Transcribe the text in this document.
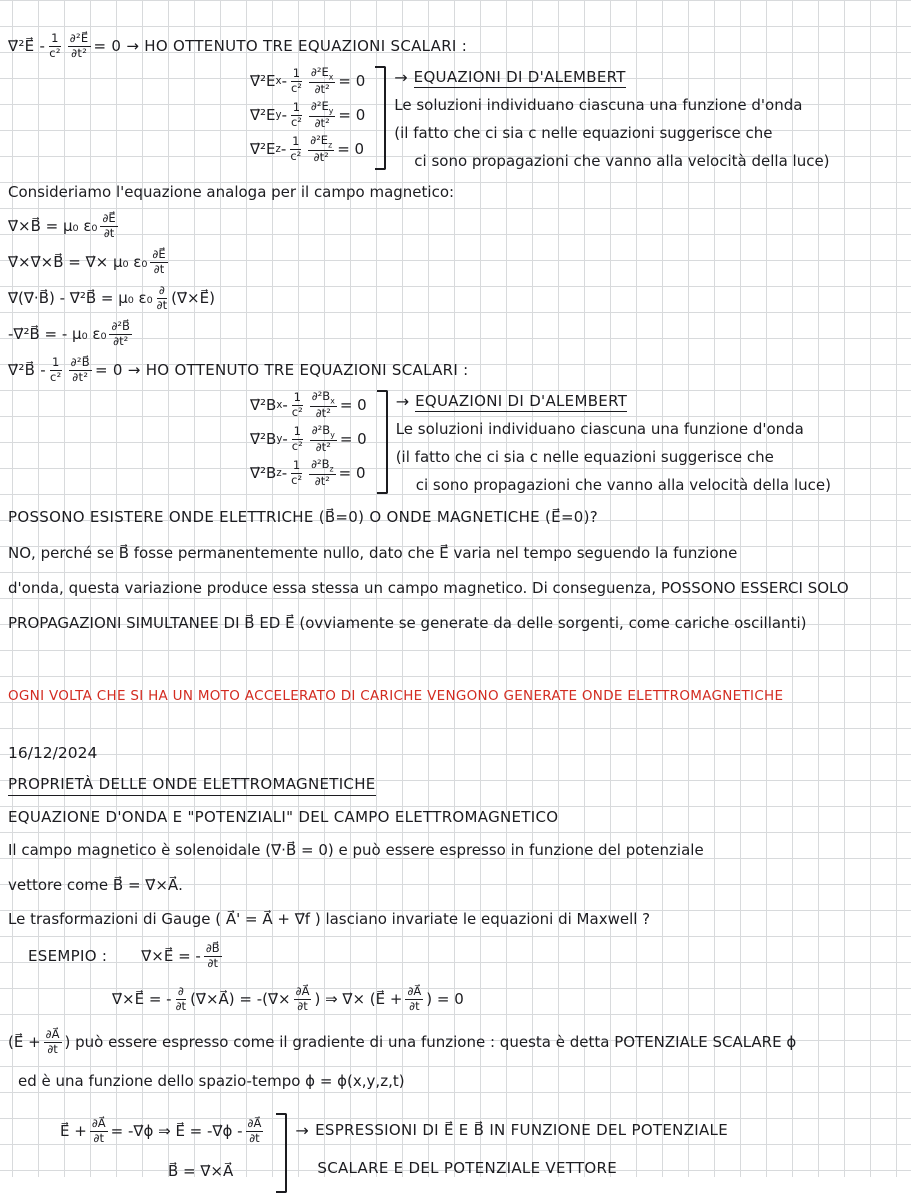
∇⃗²E⃗ - $\frac{1}{\text{c²}} \frac{\text{∂²E⃗}}{\text{∂t²}} = 0$ → HO OTTENUTO TRE EQUAZIONI SCALARI :
∇⃗²E $x - \frac{1}{\text{c²}} \frac{\partial^2E_x}{\text{∂t²}} = 0$
∇⃗²E $y - \frac{1}{\text{c²}} \frac{\partial^2E_y}{\text{∂t²}} = 0$
∇⃗²E $z - \frac{1}{\text{c²}} \frac{\partial^2E_z}{\text{∂t²}} = 0$
→ EQUAZIONI DI D'ALEMBERT
Le soluzioni individuano ciascuna una funzione d'onda
(il fatto che ci sia c nelle equazioni suggerisce che
ci sono propagazioni che vanno alla velocità della luce)
Consideriamo l'equazione analoga per il campo magnetico:
∇⃗×B⃗ = μ₀ $\varepsilon_0 \frac{\partial E⃗}{\partial t}$
∇⃗×∇⃗×B⃗ = ∇⃗× μ₀ $\varepsilon_0 \frac{\partial E⃗}{\partial t}$
∇⃗(∇⃗·B⃗) - ∇⃗²B⃗ = μ₀ $\varepsilon_0 \frac{\partial}{\partial t}$ (∇⃗×E⃗)
-∇⃗²B⃗ = - μ₀ $\varepsilon_0 \frac{\text{∂²B⃗}}{\text{∂t²}}$
∇⃗²B⃗ - $\frac{1}{\text{c²}} \frac{\text{∂²B⃗}}{\text{∂t²}} = 0$ → HO OTTENUTO TRE EQUAZIONI SCALARI :
∇⃗²B $x - \frac{1}{\text{c²}} \frac{\partial^2B_x}{\text{∂t²}} = 0$
∇⃗²B $y - \frac{1}{\text{c²}} \frac{\partial^2B_y}{\text{∂t²}} = 0$
∇⃗²B $z - \frac{1}{\text{c²}} \frac{\partial^2B_z}{\text{∂t²}} = 0$
→ EQUAZIONI DI D'ALEMBERT
Le soluzioni individuano ciascuna una funzione d'onda
(il fatto che ci sia c nelle equazioni suggerisce che
ci sono propagazioni che vanno alla velocità della luce)
POSSONO ESISTERE ONDE ELETTRICHE (B⃗=0) O ONDE MAGNETICHE (E⃗=0)?
NO, perché se B⃗ fosse permanentemente nullo, dato che E⃗ varia nel tempo seguendo la funzione
d'onda, questa variazione produce essa stessa un campo magnetico. Di conseguenza, POSSONO ESSERCI SOLO
PROPAGAZIONI SIMULTANEE DI B⃗ ED E⃗ (ovviamente se generate da delle sorgenti, come cariche oscillanti)
OGNI VOLTA CHE SI HA UN MOTO ACCELERATO DI CARICHE VENGONO GENERATE ONDE ELETTROMAGNETICHE
16/12/2024
PROPRIETÀ DELLE ONDE ELETTROMAGNETICHE
EQUAZIONE D'ONDA E "POTENZIALI" DEL CAMPO ELETTROMAGNETICO
Il campo magnetico è solenoidale (∇⃗·B⃗ = 0) e può essere espresso in funzione del potenziale
vettore come B⃗ = ∇⃗×A⃗.
Le trasformazioni di Gauge ( A⃗' = A⃗ + ∇⃗f ) lasciano invariate le equazioni di Maxwell ?
ESEMPIO : ∇⃗×E⃗ = - $\frac{\partial B⃗}{\partial t}$
∇⃗×E⃗ = - $\frac{\partial}{\partial t}$ (∇⃗×A⃗) = -(∇⃗× $\frac{\partial A⃗}{\partial t}$ ) ⇒ ∇⃗× (E⃗ + $\frac{\partial A⃗}{\partial t}$ ) = 0
(E⃗ + $\frac{\partial A⃗}{\partial t}$ ) può essere espresso come il gradiente di una funzione : questa è detta POTENZIALE SCALARE ϕ
ed è una funzione dello spazio-tempo ϕ = ϕ(x,y,z,t)
E⃗ + $\frac{\partial A⃗}{\partial t}$ = -∇⃗ϕ ⇒ E⃗ = -∇⃗ϕ - $\frac{\partial A⃗}{\partial t}$
B⃗ = ∇⃗×A⃗
→ ESPRESSIONI DI E⃗ E B⃗ IN FUNZIONE DEL POTENZIALE
SCALARE E DEL POTENZIALE VETTORE
